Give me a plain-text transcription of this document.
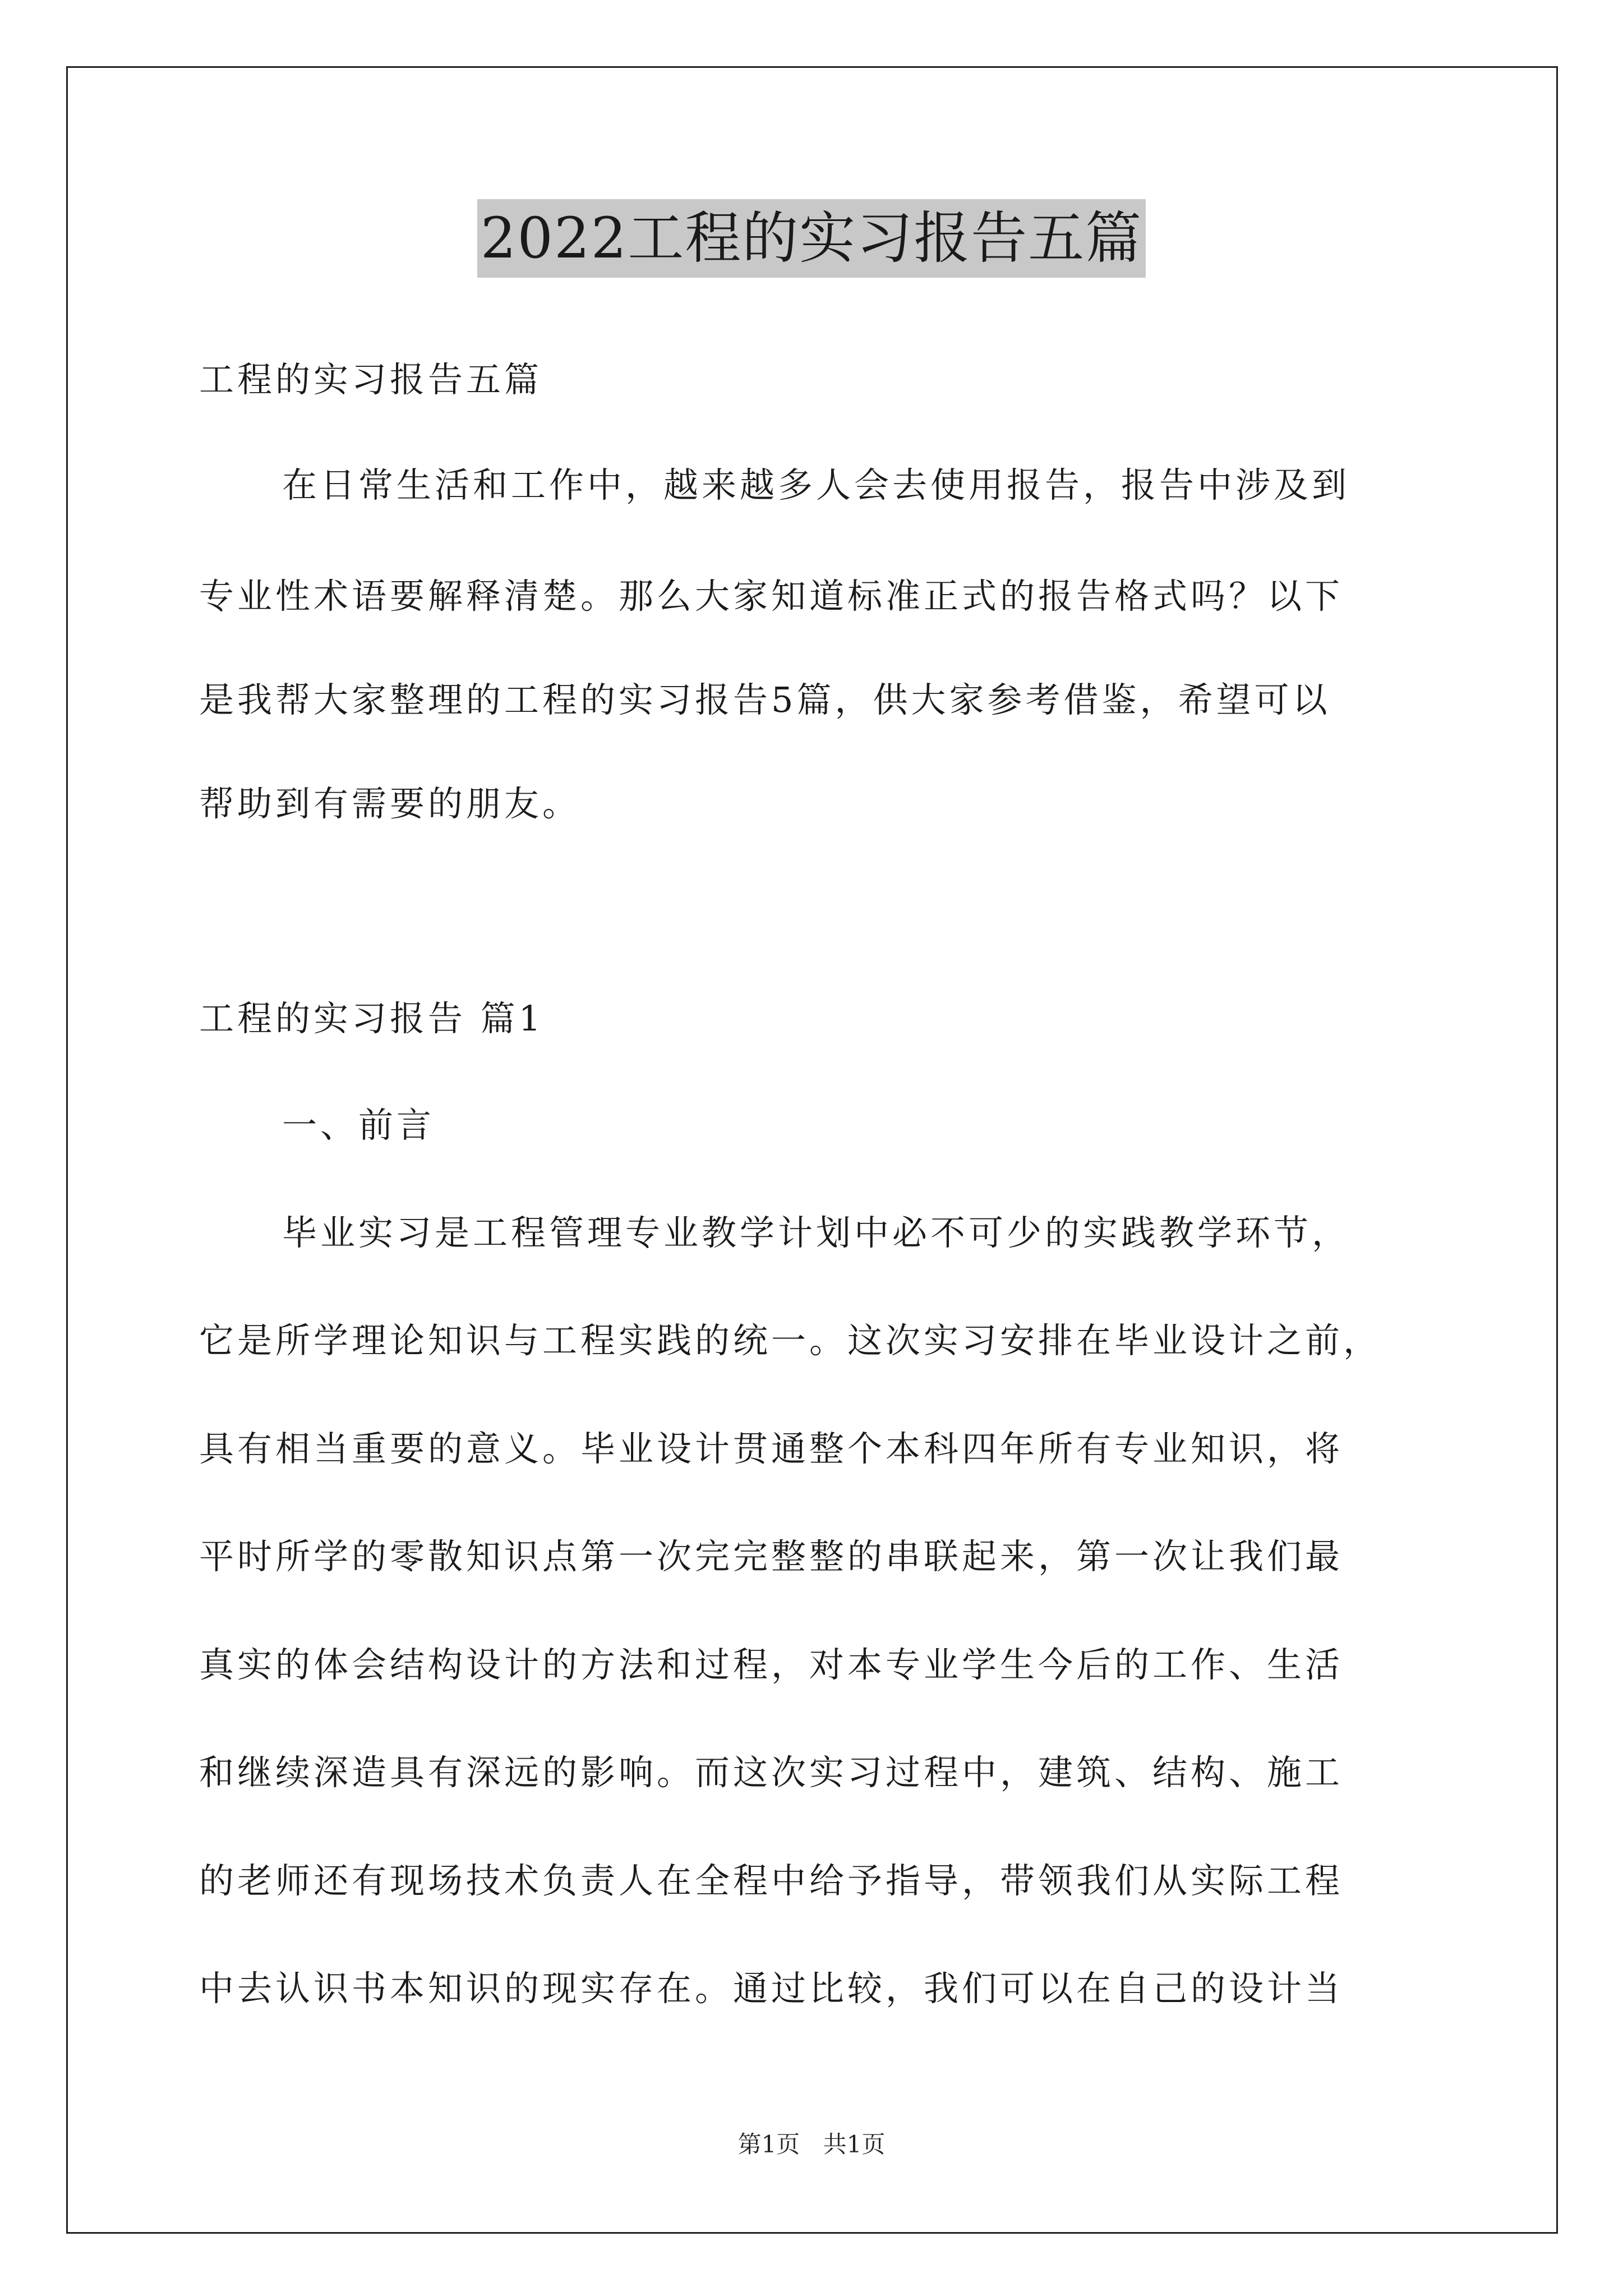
2022工程的实习报告五篇
工程的实习报告五篇
在日常生活和工作中，越来越多人会去使用报告，报告中涉及到
专业性术语要解释清楚。那么大家知道标准正式的报告格式吗？以下
是我帮大家整理的工程的实习报告5篇，供大家参考借鉴，希望可以
帮助到有需要的朋友。
工程的实习报告 篇1
一、前言
毕业实习是工程管理专业教学计划中必不可少的实践教学环节，
它是所学理论知识与工程实践的统一。这次实习安排在毕业设计之前，
具有相当重要的意义。毕业设计贯通整个本科四年所有专业知识，将
平时所学的零散知识点第一次完完整整的串联起来，第一次让我们最
真实的体会结构设计的方法和过程，对本专业学生今后的工作、生活
和继续深造具有深远的影响。而这次实习过程中，建筑、结构、施工
的老师还有现场技术负责人在全程中给予指导，带领我们从实际工程
中去认识书本知识的现实存在。通过比较，我们可以在自己的设计当
第1页 共1页
